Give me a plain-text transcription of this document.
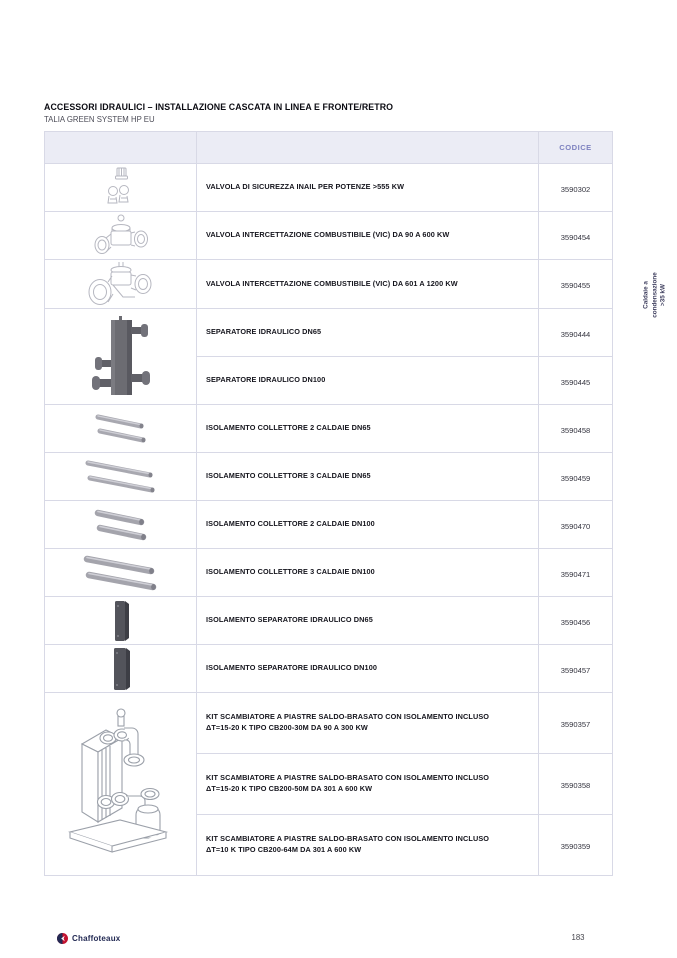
ACCESSORI IDRAULICI – INSTALLAZIONE CASCATA IN LINEA E FRONTE/RETRO
TALIA GREEN SYSTEM HP EU
		CODICE

VALVOLA DI SICUREZZA INAIL PER POTENZE >555 KW	3590302

VALVOLA INTERCETTAZIONE COMBUSTIBILE (VIC) DA 90 A 600 KW	3590454

VALVOLA INTERCETTAZIONE COMBUSTIBILE (VIC) DA 601 A 1200 KW	3590455

SEPARATORE IDRAULICO DN65	3590444

	SEPARATORE IDRAULICO DN100	3590445

ISOLAMENTO COLLETTORE 2 CALDAIE DN65	3590458

ISOLAMENTO COLLETTORE 3 CALDAIE DN65	3590459

ISOLAMENTO COLLETTORE 2 CALDAIE DN100	3590470

ISOLAMENTO COLLETTORE 3 CALDAIE DN100	3590471

ISOLAMENTO SEPARATORE IDRAULICO DN65	3590456

ISOLAMENTO SEPARATORE IDRAULICO DN100	3590457

KIT SCAMBIATORE A PIASTRE SALDO-BRASATO CON ISOLAMENTO INCLUSO
ΔT=15-20 K TIPO CB200-30M DA 90 A 300 KW	3590357

	KIT SCAMBIATORE A PIASTRE SALDO-BRASATO CON ISOLAMENTO INCLUSO
ΔT=15-20 K TIPO CB200-50M DA 301 A 600 KW	3590358

	KIT SCAMBIATORE A PIASTRE SALDO-BRASATO CON ISOLAMENTO INCLUSO
ΔT=10 K TIPO CB200-64M DA 301 A 600 KW	3590359
Caldaie a condensazione >35 kW
Chaffoteaux	183
